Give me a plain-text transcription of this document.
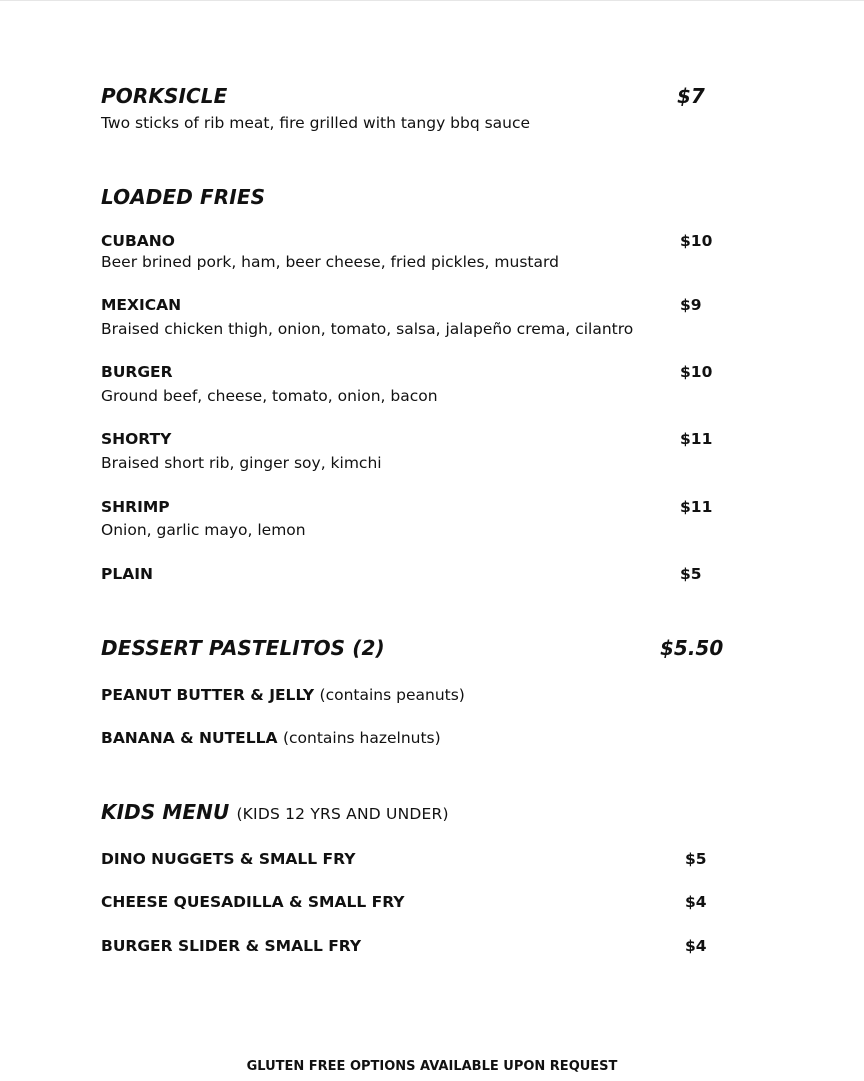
PORKSICLE	$7
Two sticks of rib meat, fire grilled with tangy bbq sauce
LOADED FRIES
CUBANO	$10
Beer brined pork, ham, beer cheese, fried pickles, mustard
MEXICAN	$9
Braised chicken thigh, onion, tomato, salsa, jalapeño crema, cilantro
BURGER	$10
Ground beef, cheese, tomato, onion, bacon
SHORTY	$11
Braised short rib, ginger soy, kimchi
SHRIMP	$11
Onion, garlic mayo, lemon
PLAIN	$5
DESSERT PASTELITOS (2)	$5.50
PEANUT BUTTER & JELLY (contains peanuts)
BANANA & NUTELLA (contains hazelnuts)
KIDS MENU (KIDS 12 YRS AND UNDER)
DINO NUGGETS & SMALL FRY	$5
CHEESE QUESADILLA & SMALL FRY	$4
BURGER SLIDER & SMALL FRY	$4
GLUTEN FREE OPTIONS AVAILABLE UPON REQUEST
